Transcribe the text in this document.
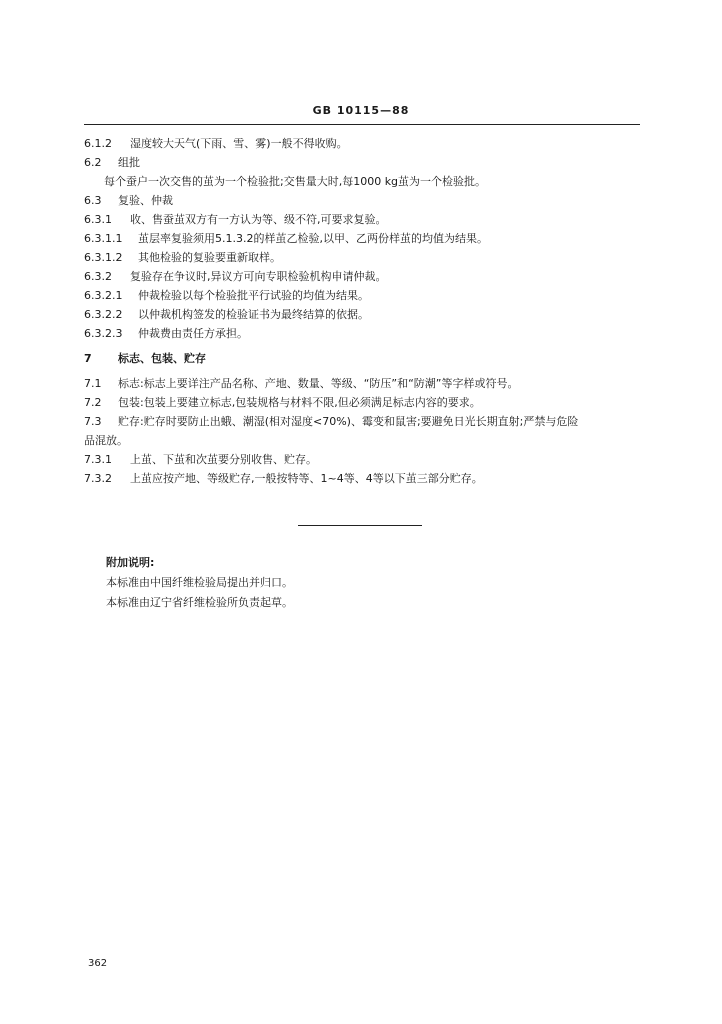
GB 10115—88
6.1.2 湿度较大天气(下雨、雪、雾)一般不得收购。
6.2 组批
每个蚕户一次交售的茧为一个检验批;交售量大时,每1000 kg茧为一个检验批。
6.3 复验、仲裁
6.3.1 收、售蚕茧双方有一方认为等、级不符,可要求复验。
6.3.1.1 茧层率复验须用5.1.3.2的样茧乙检验,以甲、乙两份样茧的均值为结果。
6.3.1.2 其他检验的复验要重新取样。
6.3.2 复验存在争议时,异议方可向专职检验机构申请仲裁。
6.3.2.1 仲裁检验以每个检验批平行试验的均值为结果。
6.3.2.2 以仲裁机构签发的检验证书为最终结算的依据。
6.3.2.3 仲裁费由责任方承担。
7 标志、包装、贮存
7.1 标志:标志上要详注产品名称、产地、数量、等级、“防压”和“防潮”等字样或符号。
7.2 包装:包装上要建立标志,包装规格与材料不限,但必须满足标志内容的要求。
7.3 贮存:贮存时要防止出蛾、潮湿(相对湿度<70%)、霉变和鼠害;要避免日光长期直射;严禁与危险
品混放。
7.3.1 上茧、下茧和次茧要分别收售、贮存。
7.3.2 上茧应按产地、等级贮存,一般按特等、1~4等、4等以下茧三部分贮存。
附加说明:
本标准由中国纤维检验局提出并归口。
本标准由辽宁省纤维检验所负责起草。
362
